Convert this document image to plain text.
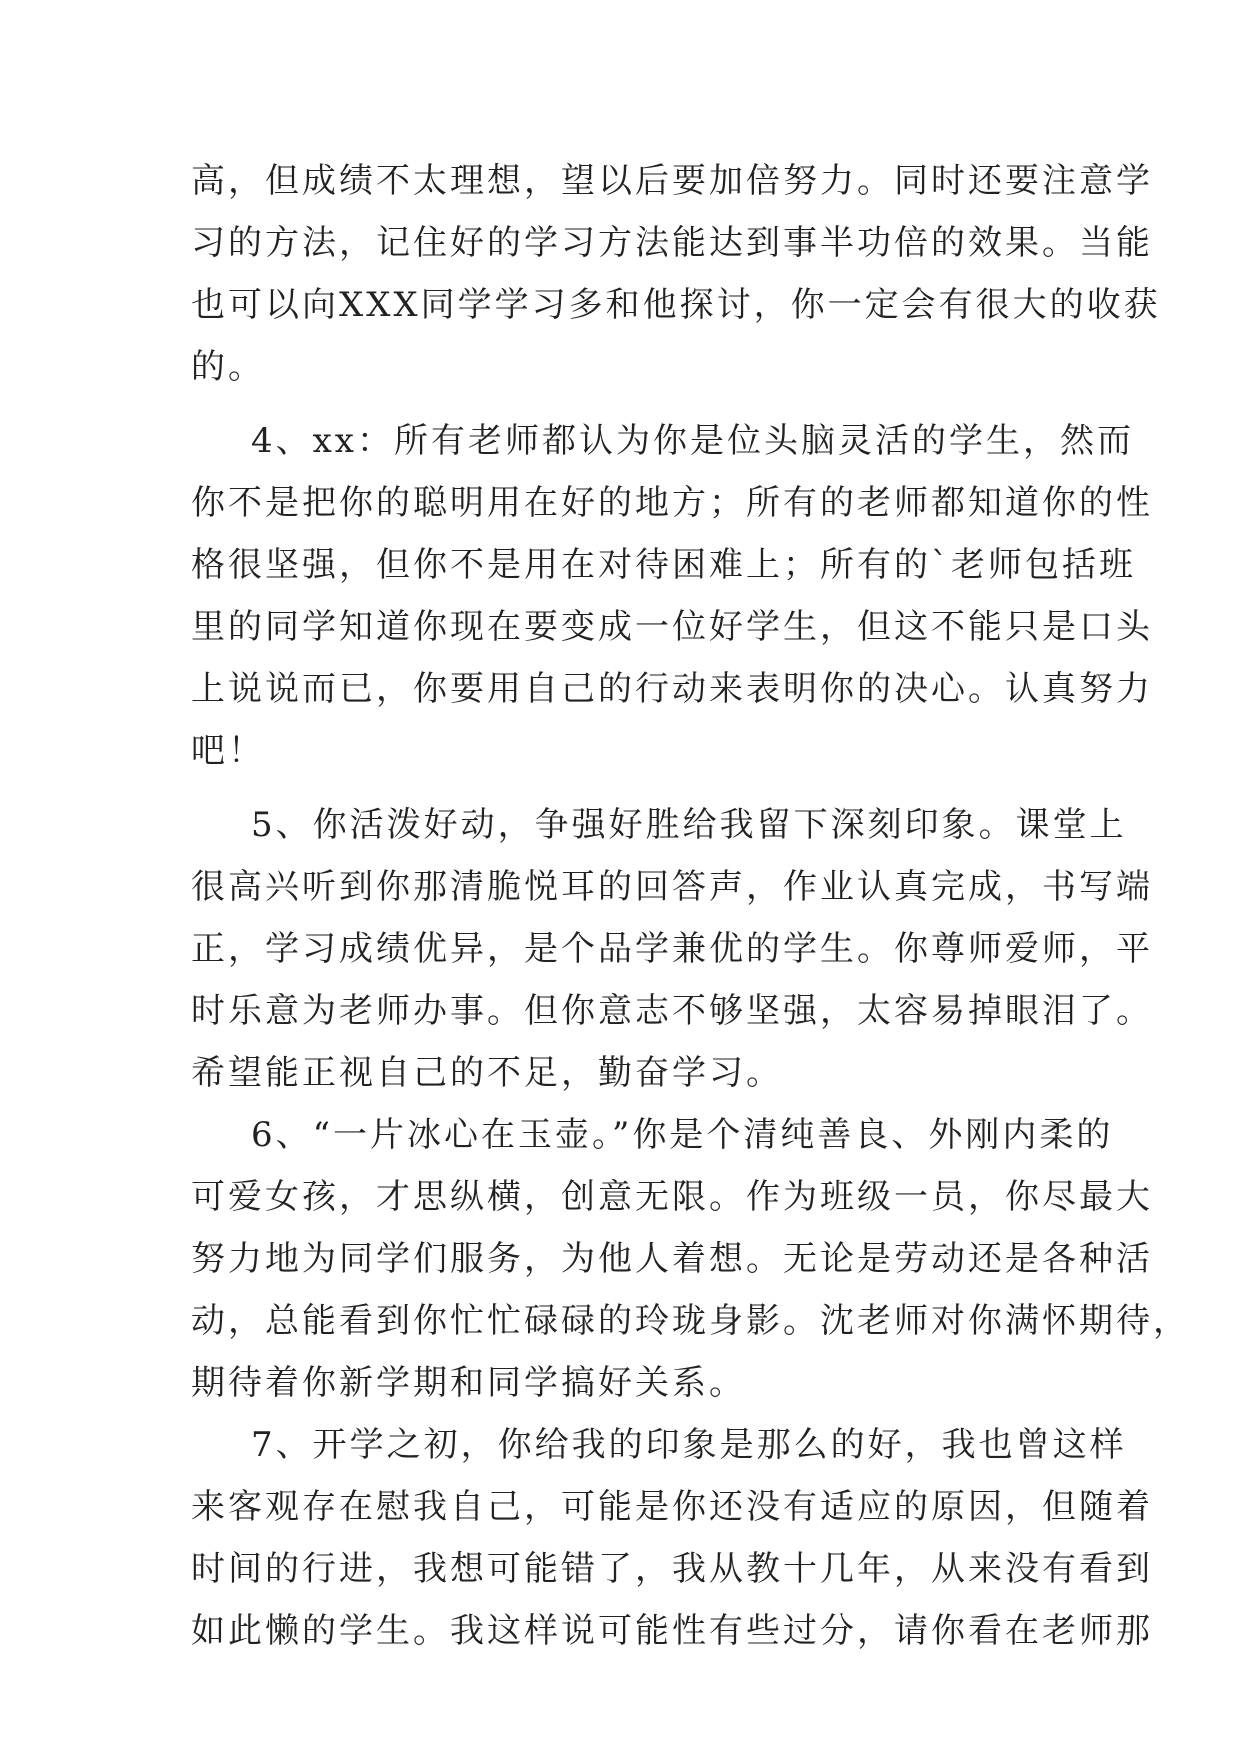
高，但成绩不太理想，望以后要加倍努力。同时还要注意学
习的方法，记住好的学习方法能达到事半功倍的效果。当能
也可以向XXX同学学习多和他探讨，你一定会有很大的收获
的。
4、xx：所有老师都认为你是位头脑灵活的学生，然而
你不是把你的聪明用在好的地方；所有的老师都知道你的性
格很坚强，但你不是用在对待困难上；所有的`老师包括班
里的同学知道你现在要变成一位好学生，但这不能只是口头
上说说而已，你要用自己的行动来表明你的决心。认真努力
吧！
5、你活泼好动，争强好胜给我留下深刻印象。课堂上
很高兴听到你那清脆悦耳的回答声，作业认真完成，书写端
正，学习成绩优异，是个品学兼优的学生。你尊师爱师，平
时乐意为老师办事。但你意志不够坚强，太容易掉眼泪了。
希望能正视自己的不足，勤奋学习。
6、“一片冰心在玉壶。”你是个清纯善良、外刚内柔的
可爱女孩，才思纵横，创意无限。作为班级一员，你尽最大
努力地为同学们服务，为他人着想。无论是劳动还是各种活
动，总能看到你忙忙碌碌的玲珑身影。沈老师对你满怀期待，
期待着你新学期和同学搞好关系。
7、开学之初，你给我的印象是那么的好，我也曾这样
来客观存在慰我自己，可能是你还没有适应的原因，但随着
时间的行进，我想可能错了，我从教十几年，从来没有看到
如此懒的学生。我这样说可能性有些过分，请你看在老师那
